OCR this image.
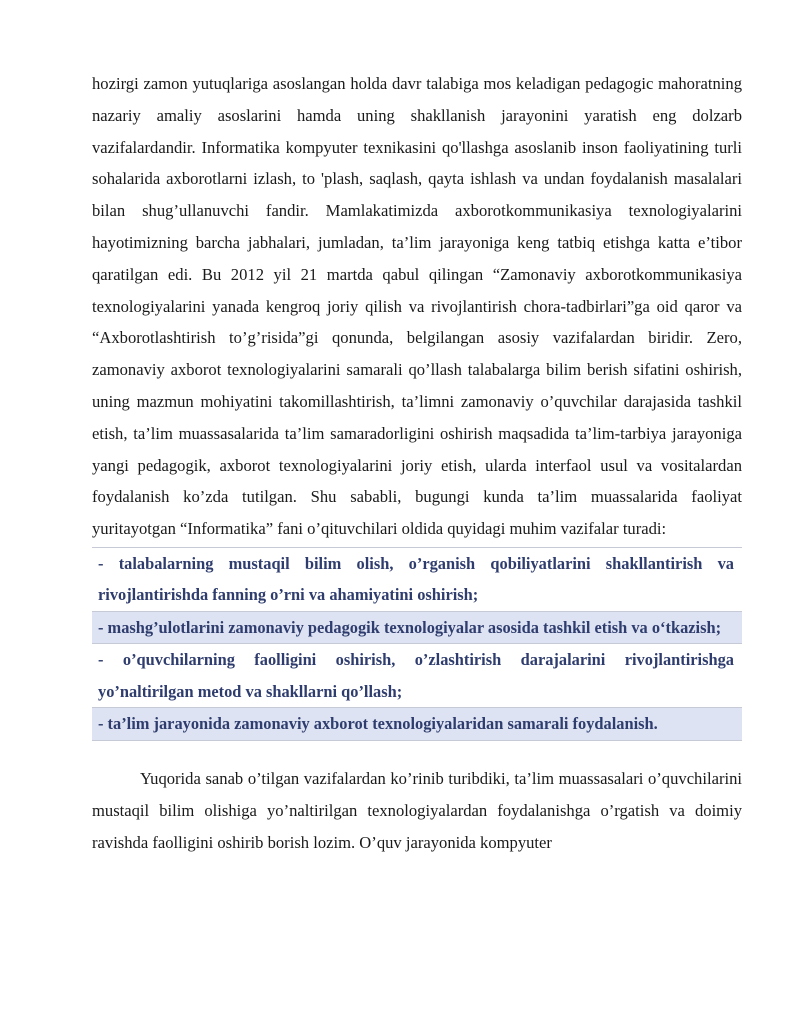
hozirgi zamon yutuqlariga asoslangan holda davr talabiga mos keladigan pedagogic mahoratning nazariy amaliy asoslarini hamda uning shakllanish jarayonini yaratish eng dolzarb vazifalardandir. Informatika kompyuter texnikasini qo'llashga asoslanib inson faoliyatining turli sohalarida axborotlarni izlash, to 'plash, saqlash, qayta ishlash va undan foydalanish masalalari bilan shug’ullanuvchi fandir. Mamlakatimizda axborotkommunikasiya texnologiyalarini hayotimizning barcha jabhalari, jumladan, ta’lim jarayoniga keng tatbiq etishga katta e’tibor qaratilgan edi. Bu 2012 yil 21 martda qabul qilingan “Zamonaviy axborotkommunikasiya texnologiyalarini yanada kengroq joriy qilish va rivojlantirish chora-tadbirlari”ga oid qaror va “Axborotlashtirish to’g’risida”gi qonunda, belgilangan asosiy vazifalardan biridir. Zero, zamonaviy axborot texnologiyalarini samarali qo’llash talabalarga bilim berish sifatini oshirish, uning mazmun mohiyatini takomillashtirish, ta’limni zamonaviy o’quvchilar darajasida tashkil etish, ta’lim muassasalarida ta’lim samaradorligini oshirish maqsadida ta’lim-tarbiya jarayoniga yangi pedagogik, axborot texnologiyalarini joriy etish, ularda interfaol usul va vositalardan foydalanish ko’zda tutilgan. Shu sababli, bugungi kunda ta’lim muassalarida faoliyat yuritayotgan “Informatika” fani o’qituvchilari oldida quyidagi muhim vazifalar turadi:

- talabalarning mustaqil bilim olish, o’rganish qobiliyatlarini shakllantirish va rivojlantirishda fanning o’rni va ahamiyatini oshirish;
- mashg’ulotlarini zamonaviy pedagogik texnologiyalar asosida tashkil etish va o‘tkazish;
- o’quvchilarning faolligini oshirish, o’zlashtirish darajalarini rivojlantirishga yo’naltirilgan metod va shakllarni qo’llash;
- ta’lim jarayonida zamonaviy axborot texnologiyalaridan samarali foydalanish.

Yuqorida sanab o’tilgan vazifalardan ko’rinib turibdiki, ta’lim muassasalari o’quvchilarini mustaqil bilim olishiga yo’naltirilgan texnologiyalardan foydalanishga o’rgatish va doimiy ravishda faolligini oshirib borish lozim. O’quv jarayonida kompyuter
